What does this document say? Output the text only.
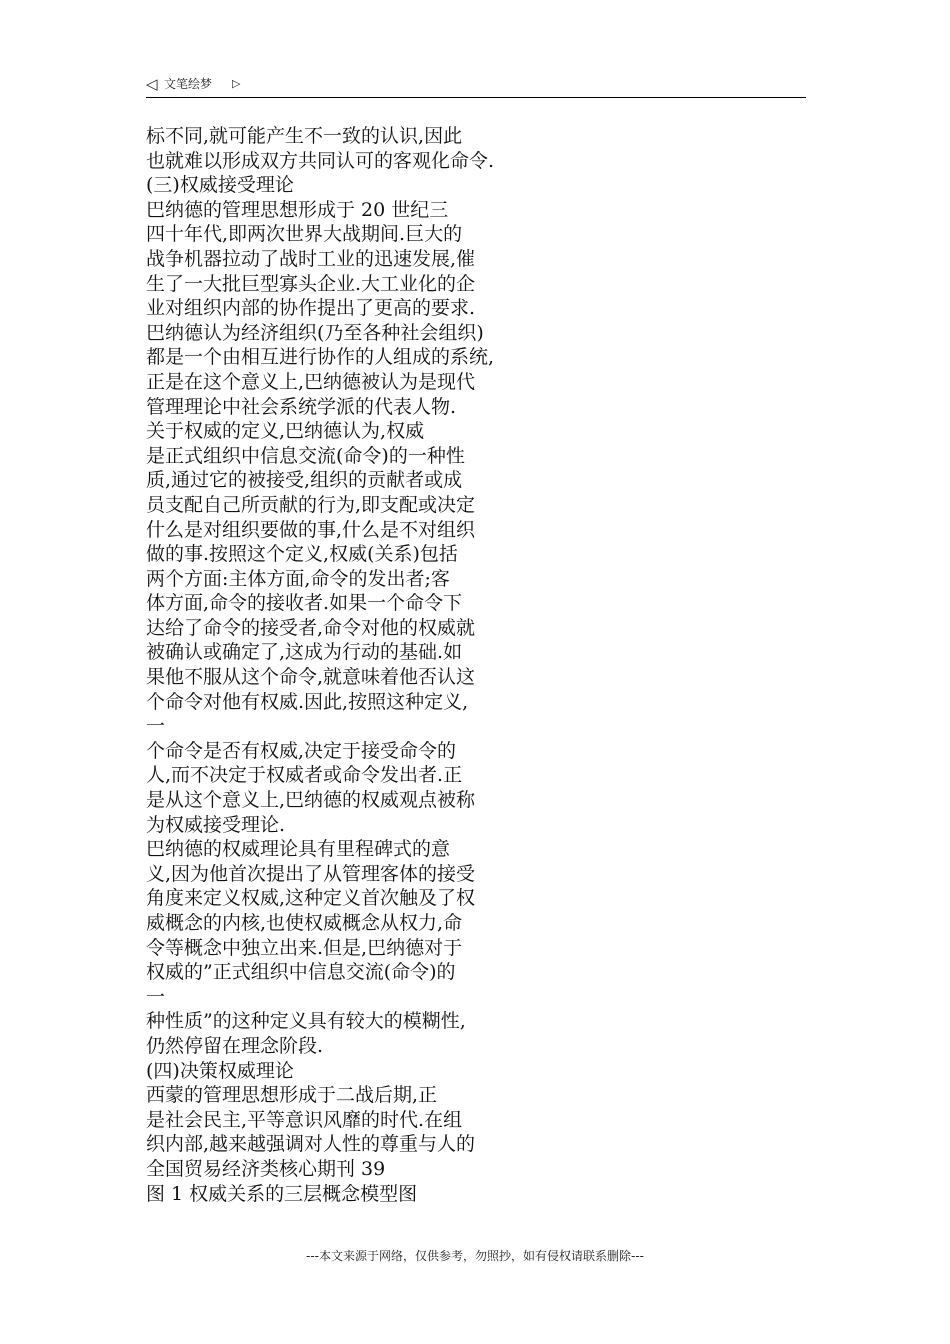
◁ 文笔绘梦 ▷
标不同,就可能产生不一致的认识,因此
也就难以形成双方共同认可的客观化命令.
(三)权威接受理论
巴纳德的管理思想形成于 20 世纪三
四十年代,即两次世界大战期间.巨大的
战争机器拉动了战时工业的迅速发展,催
生了一大批巨型寡头企业.大工业化的企
业对组织内部的协作提出了更高的要求.
巴纳德认为经济组织(乃至各种社会组织)
都是一个由相互进行协作的人组成的系统,
正是在这个意义上,巴纳德被认为是现代
管理理论中社会系统学派的代表人物.
关于权威的定义,巴纳德认为,权威
是正式组织中信息交流(命令)的一种性
质,通过它的被接受,组织的贡献者或成
员支配自己所贡献的行为,即支配或决定
什么是对组织要做的事,什么是不对组织
做的事.按照这个定义,权威(关系)包括
两个方面:主体方面,命令的发出者;客
体方面,命令的接收者.如果一个命令下
达给了命令的接受者,命令对他的权威就
被确认或确定了,这成为行动的基础.如
果他不服从这个命令,就意味着他否认这
个命令对他有权威.因此,按照这种定义,
一
个命令是否有权威,决定于接受命令的
人,而不决定于权威者或命令发出者.正
是从这个意义上,巴纳德的权威观点被称
为权威接受理论.
巴纳德的权威理论具有里程碑式的意
义,因为他首次提出了从管理客体的接受
角度来定义权威,这种定义首次触及了权
威概念的内核,也使权威概念从权力,命
令等概念中独立出来.但是,巴纳德对于
权威的”正式组织中信息交流(命令)的
一
种性质”的这种定义具有较大的模糊性,
仍然停留在理念阶段.
(四)决策权威理论
西蒙的管理思想形成于二战后期,正
是社会民主,平等意识风靡的时代.在组
织内部,越来越强调对人性的尊重与人的
全国贸易经济类核心期刊 39
图 1 权威关系的三层概念模型图
---本文来源于网络，仅供参考，勿照抄，如有侵权请联系删除---
